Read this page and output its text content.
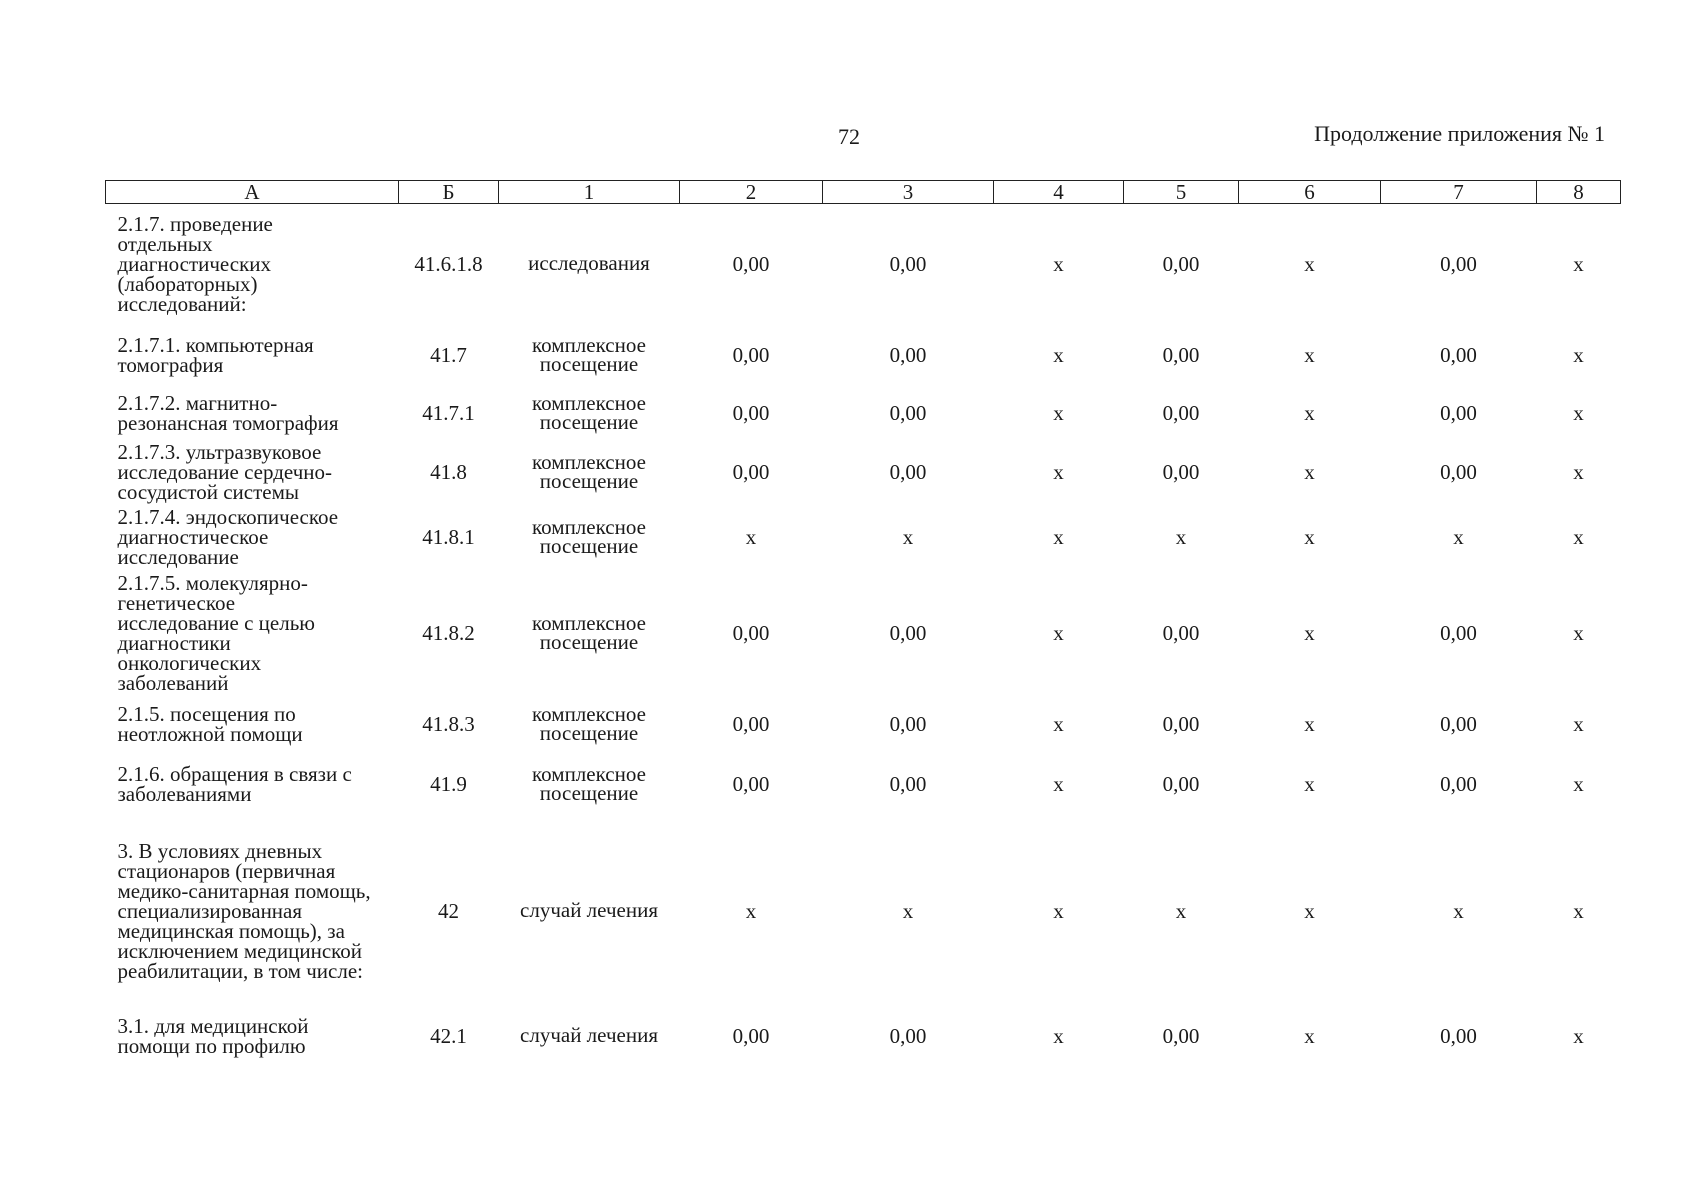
72	Продолжение приложения № 1
А	Б	1	2	3	4	5	6	7	8

2.1.7. проведение отдельных диагностических (лабораторных) исследований:	41.6.1.8	исследования	0,00	0,00	х	0,00	х	0,00	х

2.1.7.1. компьютерная томография	41.7	комплексное посещение	0,00	0,00	х	0,00	х	0,00	х

2.1.7.2. магнитно-резонансная томография	41.7.1	комплексное посещение	0,00	0,00	х	0,00	х	0,00	х

2.1.7.3. ультразвуковое исследование сердечно-сосудистой системы	41.8	комплексное посещение	0,00	0,00	х	0,00	х	0,00	х

2.1.7.4. эндоскопическое диагностическое исследование	41.8.1	комплексное посещение	х	х	х	х	х	х	х

2.1.7.5. молекулярно-генетическое исследование с целью диагностики онкологических заболеваний	41.8.2	комплексное посещение	0,00	0,00	х	0,00	х	0,00	х

2.1.5. посещения по неотложной помощи	41.8.3	комплексное посещение	0,00	0,00	х	0,00	х	0,00	х

2.1.6. обращения в связи с заболеваниями	41.9	комплексное посещение	0,00	0,00	х	0,00	х	0,00	х

3. В условиях дневных стационаров (первичная медико-санитарная помощь, специализированная медицинская помощь), за исключением медицинской реабилитации, в том числе:	42	случай лечения	х	х	х	х	х	х	х

3.1. для медицинской помощи по профилю	42.1	случай лечения	0,00	0,00	х	0,00	х	0,00	х
